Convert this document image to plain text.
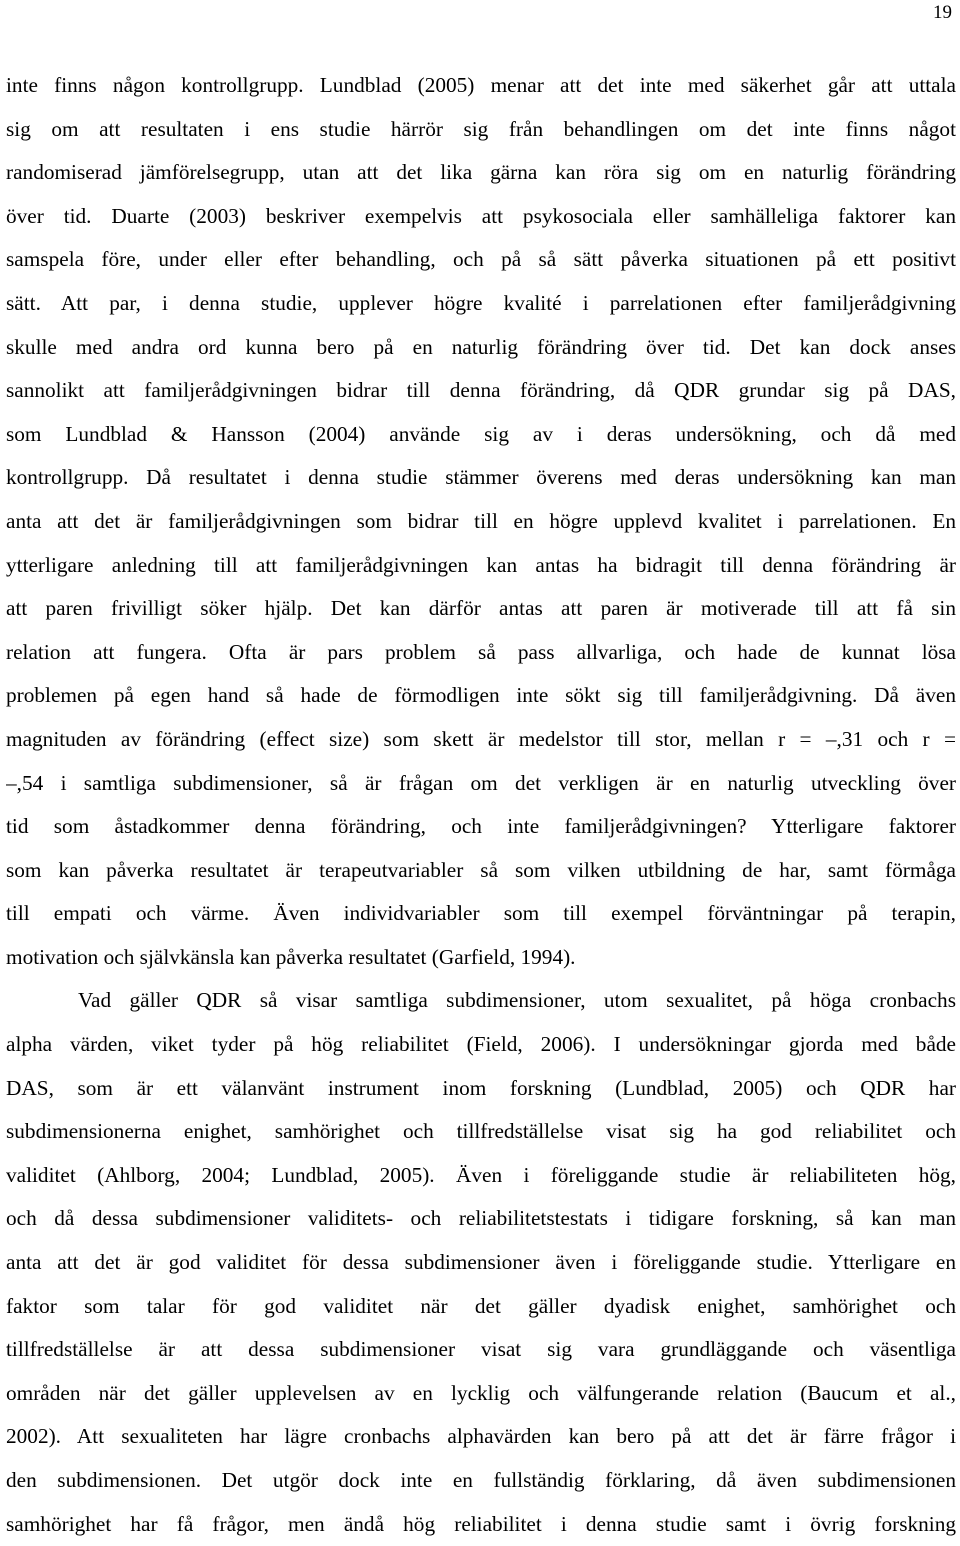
19
inte finns någon kontrollgrupp. Lundblad (2005) menar att det inte med säkerhet går att uttala
sig om att resultaten i ens studie härrör sig från behandlingen om det inte finns något
randomiserad jämförelsegrupp, utan att det lika gärna kan röra sig om en naturlig förändring
över tid. Duarte (2003) beskriver exempelvis att psykosociala eller samhälleliga faktorer kan
samspela före, under eller efter behandling, och på så sätt påverka situationen på ett positivt
sätt. Att par, i denna studie, upplever högre kvalité i parrelationen efter familjerådgivning
skulle med andra ord kunna bero på en naturlig förändring över tid. Det kan dock anses
sannolikt att familjerådgivningen bidrar till denna förändring, då QDR grundar sig på DAS,
som Lundblad & Hansson (2004) använde sig av i deras undersökning, och då med
kontrollgrupp. Då resultatet i denna studie stämmer överens med deras undersökning kan man
anta att det är familjerådgivningen som bidrar till en högre upplevd kvalitet i parrelationen. En
ytterligare anledning till att familjerådgivningen kan antas ha bidragit till denna förändring är
att paren frivilligt söker hjälp. Det kan därför antas att paren är motiverade till att få sin
relation att fungera. Ofta är pars problem så pass allvarliga, och hade de kunnat lösa
problemen på egen hand så hade de förmodligen inte sökt sig till familjerådgivning. Då även
magnituden av förändring (effect size) som skett är medelstor till stor, mellan r = –,31 och r =
–,54 i samtliga subdimensioner, så är frågan om det verkligen är en naturlig utveckling över
tid som åstadkommer denna förändring, och inte familjerådgivningen? Ytterligare faktorer
som kan påverka resultatet är terapeutvariabler så som vilken utbildning de har, samt förmåga
till empati och värme. Även individvariabler som till exempel förväntningar på terapin,
motivation och självkänsla kan påverka resultatet (Garfield, 1994).
Vad gäller QDR så visar samtliga subdimensioner, utom sexualitet, på höga cronbachs
alpha värden, viket tyder på hög reliabilitet (Field, 2006). I undersökningar gjorda med både
DAS, som är ett välanvänt instrument inom forskning (Lundblad, 2005) och QDR har
subdimensionerna enighet, samhörighet och tillfredställelse visat sig ha god reliabilitet och
validitet (Ahlborg, 2004; Lundblad, 2005). Även i föreliggande studie är reliabiliteten hög,
och då dessa subdimensioner validitets- och reliabilitetstestats i tidigare forskning, så kan man
anta att det är god validitet för dessa subdimensioner även i föreliggande studie. Ytterligare en
faktor som talar för god validitet när det gäller dyadisk enighet, samhörighet och
tillfredställelse är att dessa subdimensioner visat sig vara grundläggande och väsentliga
områden när det gäller upplevelsen av en lycklig och välfungerande relation (Baucum et al.,
2002). Att sexualiteten har lägre cronbachs alphavärden kan bero på att det är färre frågor i
den subdimensionen. Det utgör dock inte en fullständig förklaring, då även subdimensionen
samhörighet har få frågor, men ändå hög reliabilitet i denna studie samt i övrig forskning
